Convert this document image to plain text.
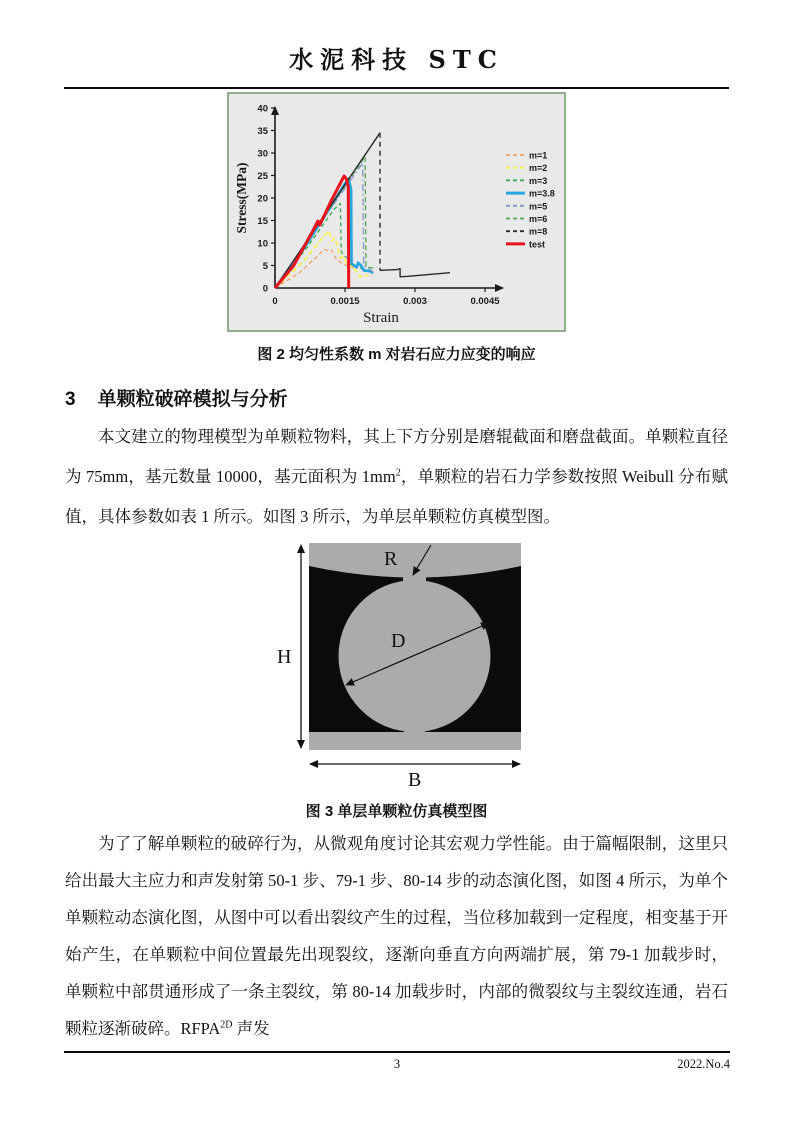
水泥科技 STC
0
5
10
15
20
25
30
35
40
0	0.0015	0.003	0.0045
Stress(MPa)
Strain
m=1
m=2
m=3
m=3.8
m=5
m=6
m=8
test
图 2 均匀性系数 m 对岩石应力应变的响应
3 单颗粒破碎模拟与分析

本文建立的物理模型为单颗粒物料，其上下方分别是磨辊截面和磨盘截面。单颗粒直径为 75mm，基元数量 10000，基元面积为 $1mm^2$，单颗粒的岩石力学参数按照 Weibull 分布赋值，具体参数如表 1 所示。如图 3 所示，为单层单颗粒仿真模型图。

H
B
D
R
图 3 单层单颗粒仿真模型图

为了了解单颗粒的破碎行为，从微观角度讨论其宏观力学性能。由于篇幅限制，这里只给出最大主应力和声发射第 50-1 步、79-1 步、80-14 步的动态演化图，如图 4 所示，为单个单颗粒动态演化图，从图中可以看出裂纹产生的过程，当位移加载到一定程度，相变基于开始产生，在单颗粒中间位置最先出现裂纹，逐渐向垂直方向两端扩展，第 79-1 加载步时，单颗粒中部贯通形成了一条主裂纹，第 80-14 加载步时，内部的微裂纹与主裂纹连通，岩石颗粒逐渐破碎。$RFPA^{2D}$ 声发

3	2022.No.4
